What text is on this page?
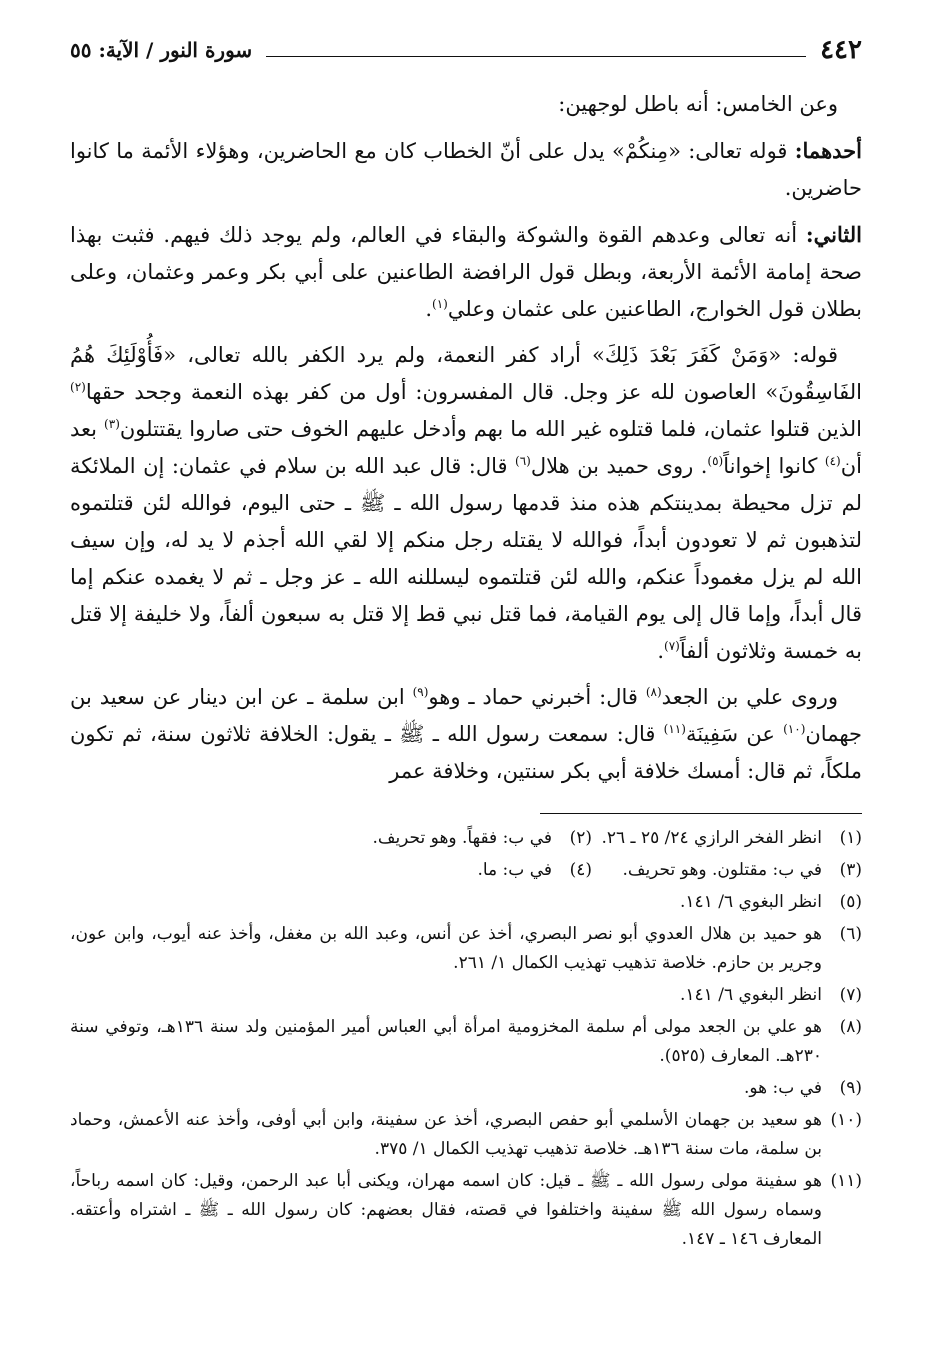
٤٤٢
سورة النور / الآية: ٥٥

وعن الخامس: أنه باطل لوجهين:

أحدهما: قوله تعالى: «مِنكُمْ» يدل على أنّ الخطاب كان مع الحاضرين، وهؤلاء الأئمة ما كانوا حاضرين.

الثاني: أنه تعالى وعدهم القوة والشوكة والبقاء في العالم، ولم يوجد ذلك فيهم. فثبت بهذا صحة إمامة الأئمة الأربعة، وبطل قول الرافضة الطاعنين على أبي بكر وعمر وعثمان، وعلى بطلان قول الخوارج، الطاعنين على عثمان وعلي$^{(١)}$.

قوله: «وَمَنْ كَفَرَ بَعْدَ ذَلِكَ» أراد كفر النعمة، ولم يرد الكفر بالله تعالى، «فَأُوْلَئِكَ هُمُ الفَاسِقُونَ» العاصون لله عز وجل. قال المفسرون: أول من كفر بهذه النعمة وجحد حقها$^{(٢)}$ الذين قتلوا عثمان، فلما قتلوه غير الله ما بهم وأدخل عليهم الخوف حتى صاروا يقتتلون$^{(٣)}$ بعد أن$^{(٤)}$ كانوا إخواناً$^{(٥)}$. روى حميد بن هلال$^{(٦)}$ قال: قال عبد الله بن سلام في عثمان: إن الملائكة لم تزل محيطة بمدينتكم هذه منذ قدمها رسول الله ـ ﷺ ـ حتى اليوم، فوالله لئن قتلتموه لتذهبون ثم لا تعودون أبداً، فوالله لا يقتله رجل منكم إلا لقي الله أجذم لا يد له، وإن سيف الله لم يزل مغموداً عنكم، والله لئن قتلتموه ليسللنه الله ـ عز وجل ـ ثم لا يغمده عنكم إما قال أبداً، وإما قال إلى يوم القيامة، فما قتل نبي قط إلا قتل به سبعون ألفاً، ولا خليفة إلا قتل به خمسة وثلاثون ألفاً$^{(٧)}$.

وروى علي بن الجعد$^{(٨)}$ قال: أخبرني حماد ـ وهو$^{(٩)}$ ابن سلمة ـ عن ابن دينار عن سعيد بن جهمان$^{(١٠)}$ عن سَفِينَة$^{(١١)}$ قال: سمعت رسول الله ـ ﷺ ـ يقول: الخلافة ثلاثون سنة، ثم تكون ملكاً، ثم قال: أمسك خلافة أبي بكر سنتين، وخلافة عمر

(١)
انظر الفخر الرازي ٢٤/ ٢٥ ـ ٢٦.
(٢)
في ب: فقهاً. وهو تحريف.
(٣)
في ب: مقتلون. وهو تحريف.
(٤)
في ب: ما.
(٥)
انظر البغوي ٦/ ١٤١.
(٦)
هو حميد بن هلال العدوي أبو نصر البصري، أخذ عن أنس، وعبد الله بن مغفل، وأخذ عنه أيوب، وابن عون، وجرير بن حازم. خلاصة تذهيب تهذيب الكمال ١/ ٢٦١.
(٧)
انظر البغوي ٦/ ١٤١.
(٨)
هو علي بن الجعد مولى أم سلمة المخزومية امرأة أبي العباس أمير المؤمنين ولد سنة ١٣٦هـ، وتوفي سنة ٢٣٠هـ. المعارف (٥٢٥).
(٩)
في ب: هو.
(١٠)
هو سعيد بن جهمان الأسلمي أبو حفص البصري، أخذ عن سفينة، وابن أبي أوفى، وأخذ عنه الأعمش، وحماد بن سلمة، مات سنة ١٣٦هـ. خلاصة تذهيب تهذيب الكمال ١/ ٣٧٥.
(١١)
هو سفينة مولى رسول الله ـ ﷺ ـ قيل: كان اسمه مهران، ويكنى أبا عبد الرحمن، وقيل: كان اسمه رباحاً، وسماه رسول الله ﷺ سفينة واختلفوا في قصته، فقال بعضهم: كان رسول الله ـ ﷺ ـ اشتراه وأعتقه. المعارف ١٤٦ ـ ١٤٧.
